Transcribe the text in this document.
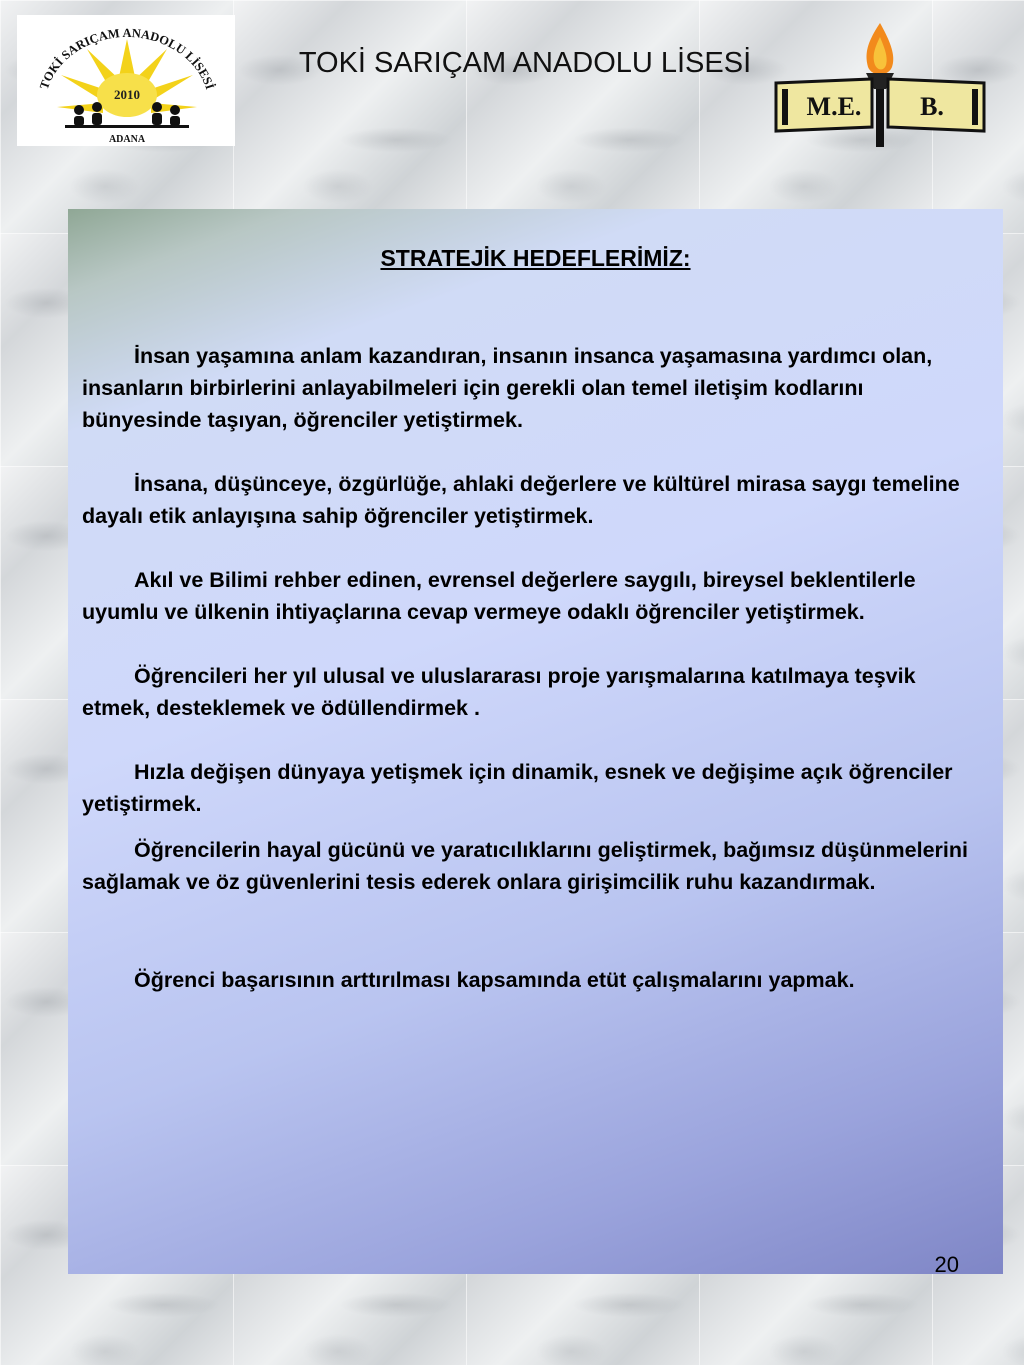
2010
TOKİ SARIÇAM ANADOLU LİSESİ
ADANA
TOKİ SARIÇAM ANADOLU LİSESİ
M.E. B.
STRATEJİK HEDEFLERİMİZ:

İnsan yaşamına anlam kazandıran, insanın insanca yaşamasına yardımcı olan, insanların birbirlerini anlayabilmeleri için gerekli olan temel iletişim kodlarını bünyesinde taşıyan, öğrenciler yetiştirmek.

İnsana, düşünceye, özgürlüğe, ahlaki değerlere ve kültürel mirasa saygı temeline dayalı etik anlayışına sahip öğrenciler yetiştirmek.

Akıl ve Bilimi rehber edinen, evrensel değerlere saygılı, bireysel beklentilerle uyumlu ve ülkenin ihtiyaçlarına cevap vermeye odaklı öğrenciler yetiştirmek.

Öğrencileri her yıl ulusal ve uluslararası proje yarışmalarına katılmaya teşvik etmek, desteklemek ve ödüllendirmek .

Hızla değişen dünyaya yetişmek için dinamik, esnek ve değişime açık öğrenciler yetiştirmek.

Öğrencilerin hayal gücünü ve yaratıcılıklarını geliştirmek, bağımsız düşünmelerini sağlamak ve öz güvenlerini tesis ederek onlara girişimcilik ruhu kazandırmak.

Öğrenci başarısının arttırılması kapsamında etüt çalışmalarını yapmak.

20
